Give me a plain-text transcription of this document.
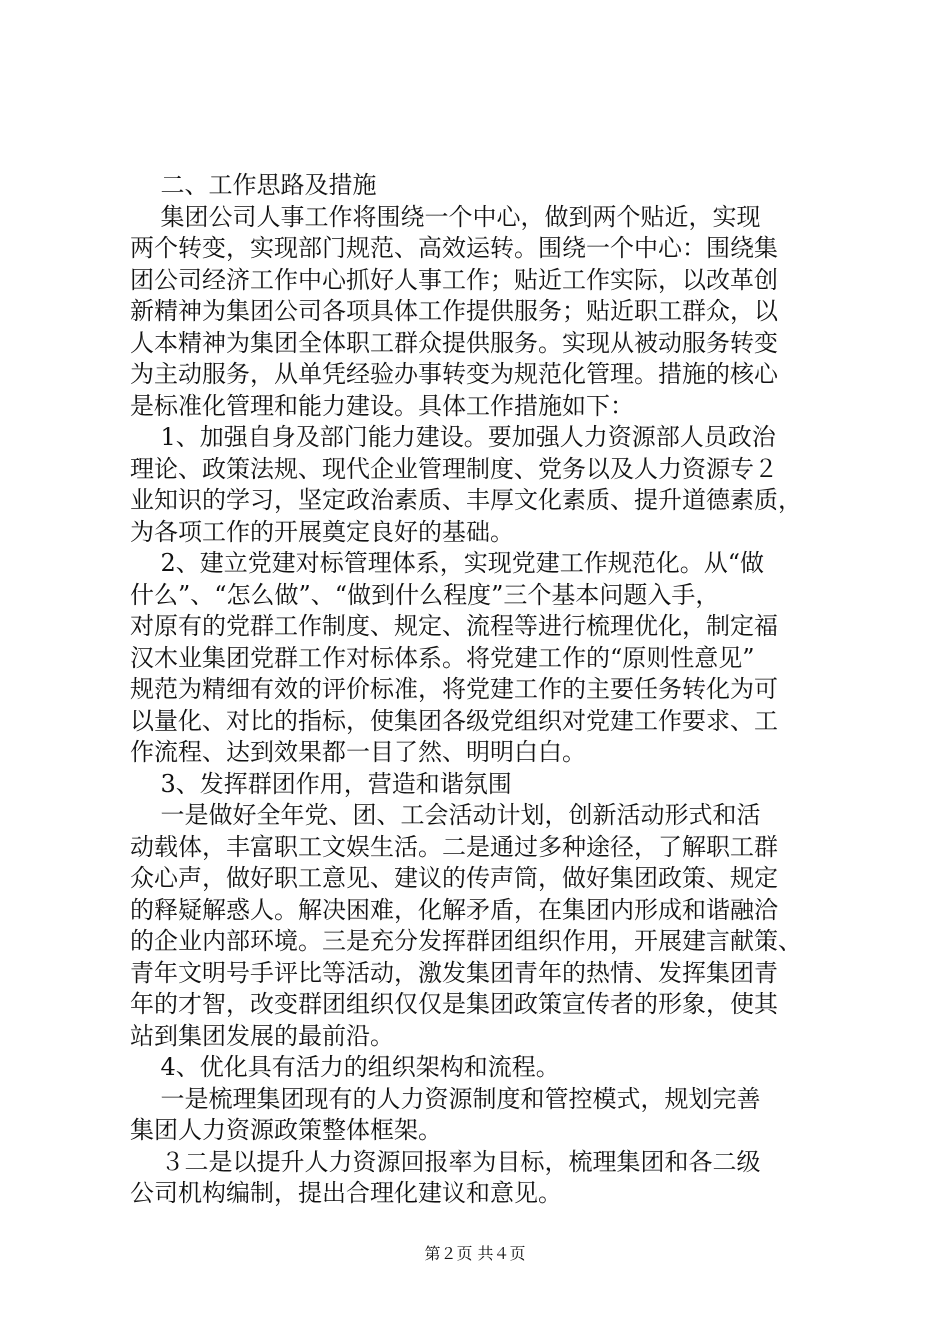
二、工作思路及措施
集团公司人事工作将围绕一个中心，做到两个贴近，实现
两个转变，实现部门规范、高效运转。围绕一个中心：围绕集
团公司经济工作中心抓好人事工作；贴近工作实际，以改革创
新精神为集团公司各项具体工作提供服务；贴近职工群众，以
人本精神为集团全体职工群众提供服务。实现从被动服务转变
为主动服务，从单凭经验办事转变为规范化管理。措施的核心
是标准化管理和能力建设。具体工作措施如下：
1、加强自身及部门能力建设。要加强人力资源部人员政治
理论、政策法规、现代企业管理制度、党务以及人力资源专２
业知识的学习，坚定政治素质、丰厚文化素质、提升道德素质，
为各项工作的开展奠定良好的基础。
2、建立党建对标管理体系，实现党建工作规范化。从“做
什么”、“怎么做”、“做到什么程度”三个基本问题入手，
对原有的党群工作制度、规定、流程等进行梳理优化，制定福
汉木业集团党群工作对标体系。将党建工作的“原则性意见”
规范为精细有效的评价标准，将党建工作的主要任务转化为可
以量化、对比的指标，使集团各级党组织对党建工作要求、工
作流程、达到效果都一目了然、明明白白。
3、发挥群团作用，营造和谐氛围
一是做好全年党、团、工会活动计划，创新活动形式和活
动载体，丰富职工文娱生活。二是通过多种途径，了解职工群
众心声，做好职工意见、建议的传声筒，做好集团政策、规定
的释疑解惑人。解决困难，化解矛盾，在集团内形成和谐融洽
的企业内部环境。三是充分发挥群团组织作用，开展建言献策、
青年文明号手评比等活动，激发集团青年的热情、发挥集团青
年的才智，改变群团组织仅仅是集团政策宣传者的形象，使其
站到集团发展的最前沿。
4、优化具有活力的组织架构和流程。
一是梳理集团现有的人力资源制度和管控模式，规划完善
集团人力资源政策整体框架。
３二是以提升人力资源回报率为目标，梳理集团和各二级
公司机构编制，提出合理化建议和意见。
第２页 共４页
